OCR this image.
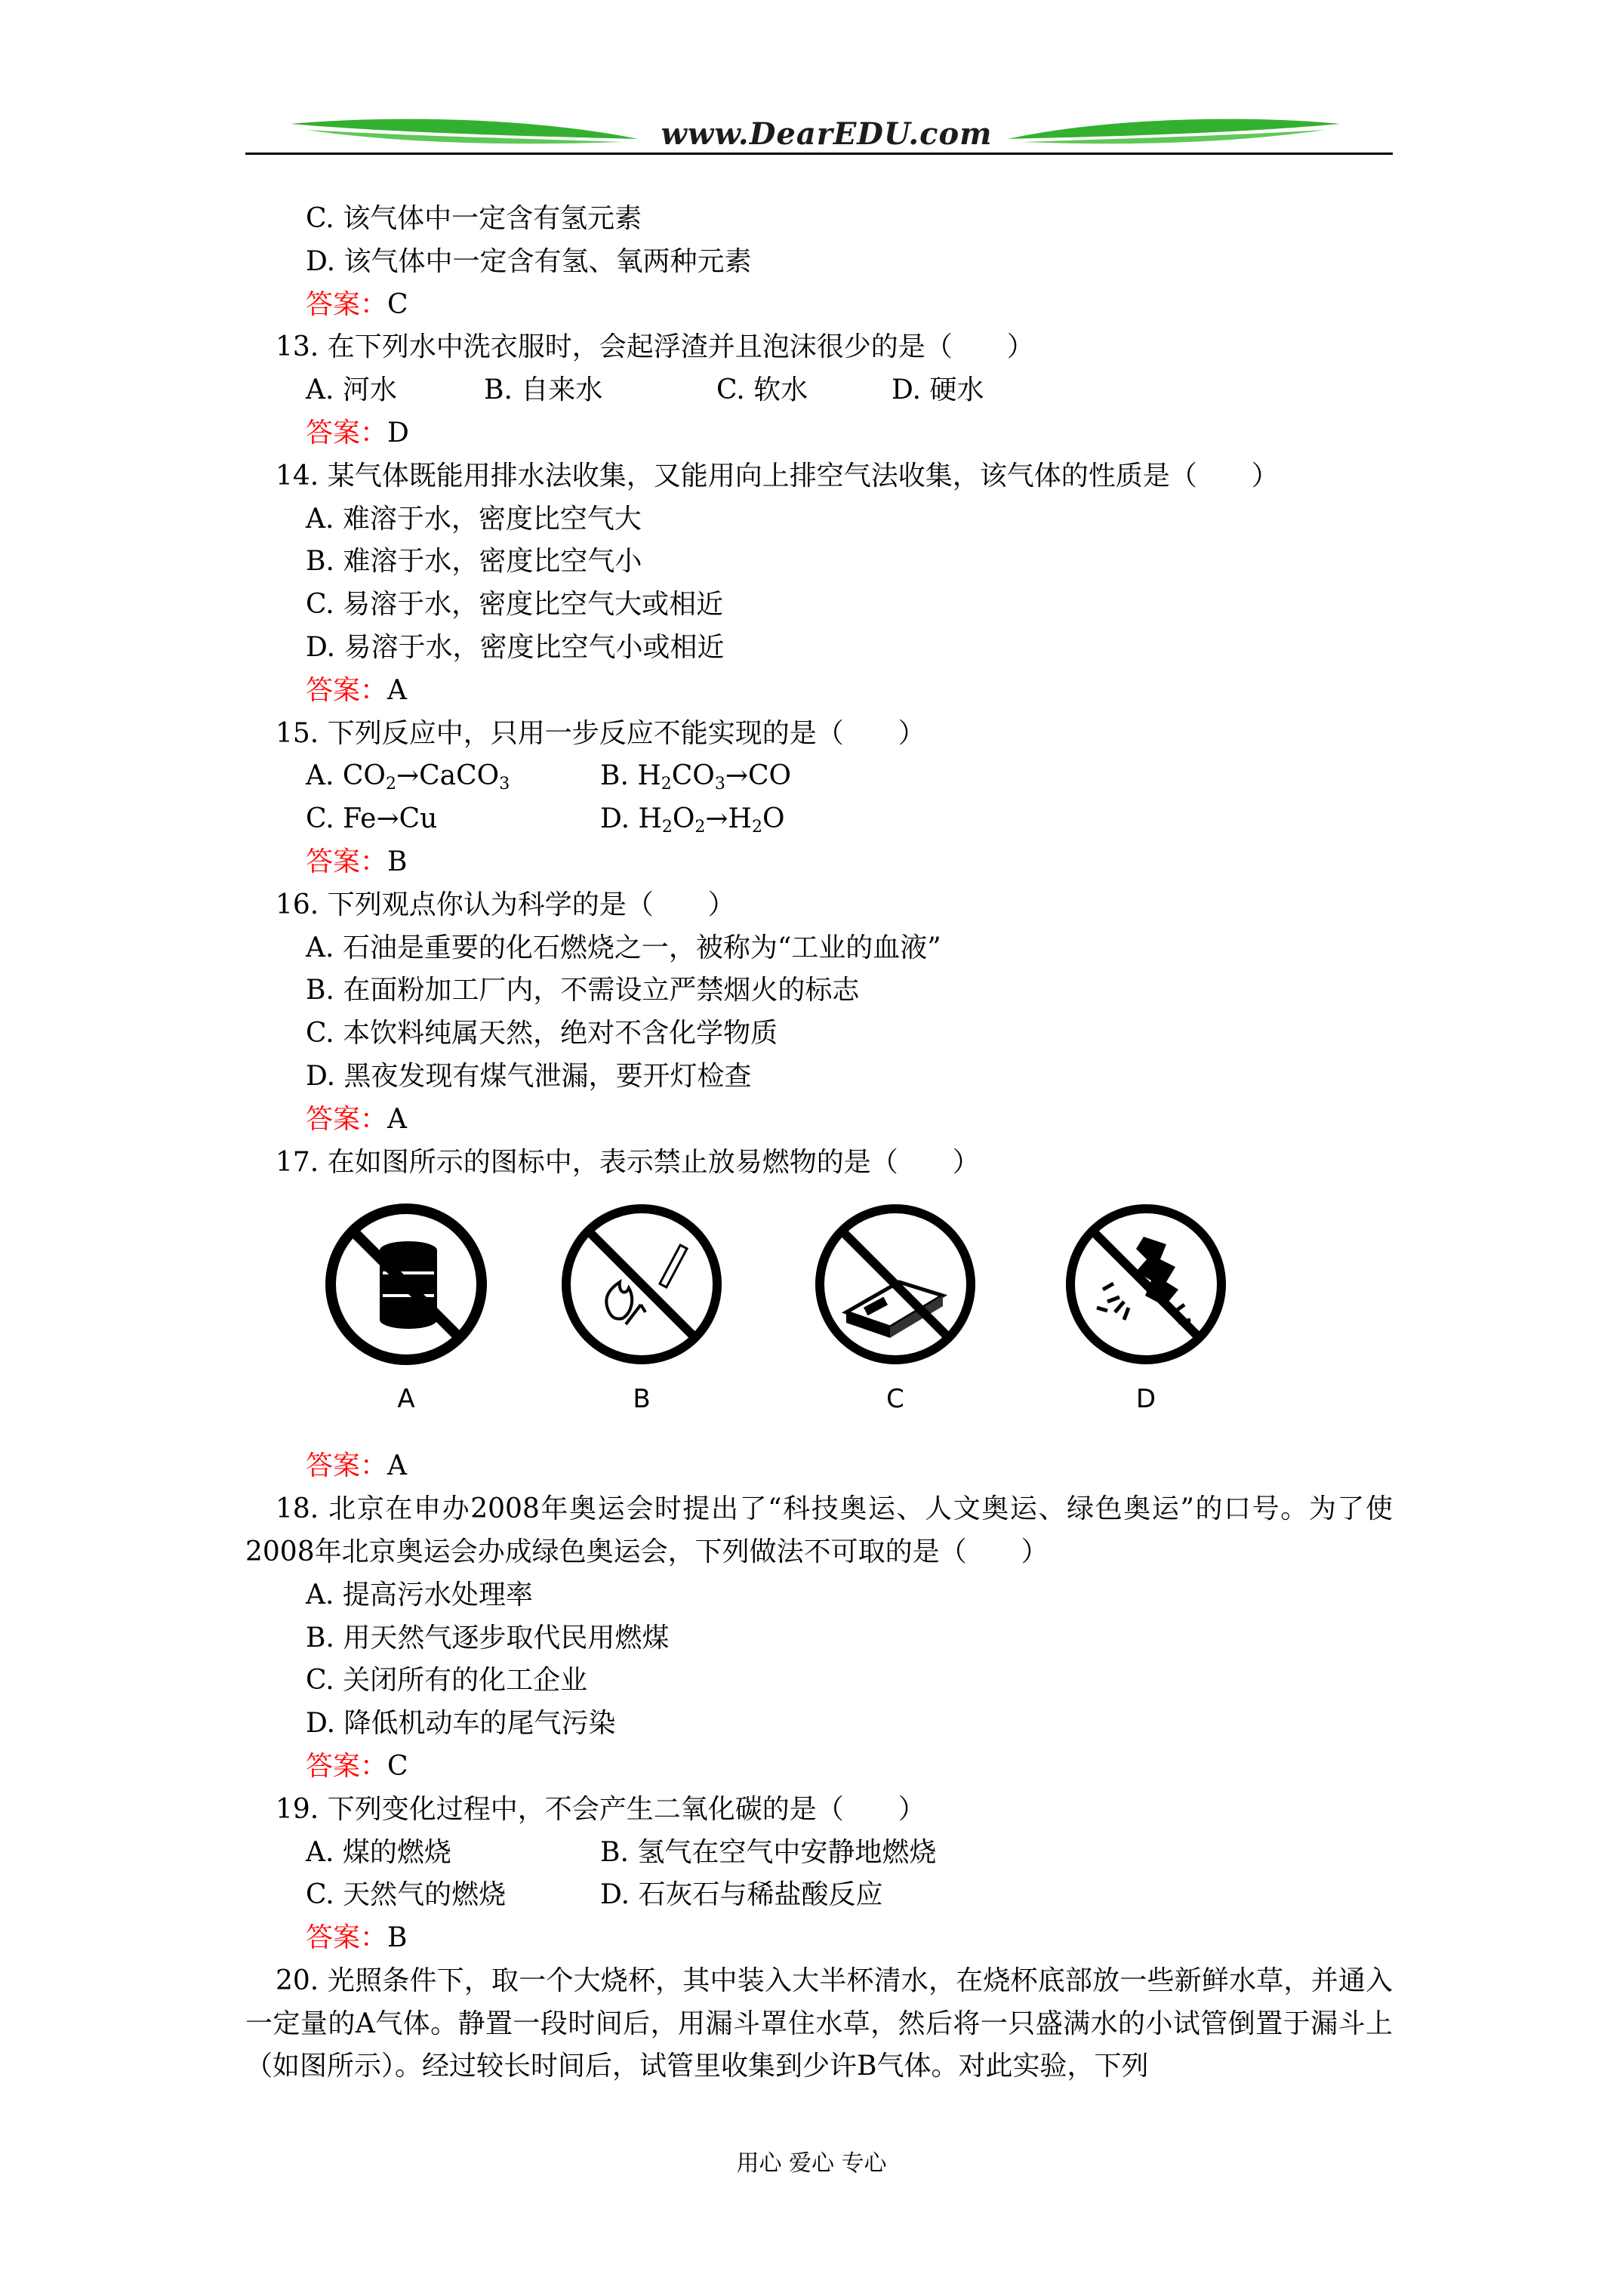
www.DearEDU.com
C. 该气体中一定含有氢元素
D. 该气体中一定含有氢、氧两种元素
答案：C
13. 在下列水中洗衣服时，会起浮渣并且泡沫很少的是（　　）
A. 河水	B. 自来水	C. 软水	D. 硬水
答案：D
14. 某气体既能用排水法收集，又能用向上排空气法收集，该气体的性质是（　　）
A. 难溶于水，密度比空气大
B. 难溶于水，密度比空气小
C. 易溶于水，密度比空气大或相近
D. 易溶于水，密度比空气小或相近
答案：A
15. 下列反应中，只用一步反应不能实现的是（　　）
A. $CO_2\to CaCO_3$	B. $H_2CO_3\to CO$
C. Fe→Cu	D. $H_2O_2\to H_2O$
答案：B
16. 下列观点你认为科学的是（　　）
A. 石油是重要的化石燃烧之一，被称为“工业的血液”
B. 在面粉加工厂内，不需设立严禁烟火的标志
C. 本饮料纯属天然，绝对不含化学物质
D. 黑夜发现有煤气泄漏，要开灯检查
答案：A
17. 在如图所示的图标中，表示禁止放易燃物的是（　　）
A	B	C	D
答案：A
18. 北京在申办2008年奥运会时提出了“科技奥运、人文奥运、绿色奥运”的口号。为了使2008年北京奥运会办成绿色奥运会，下列做法不可取的是（　　）
A. 提高污水处理率
B. 用天然气逐步取代民用燃煤
C. 关闭所有的化工企业
D. 降低机动车的尾气污染
答案：C
19. 下列变化过程中，不会产生二氧化碳的是（　　）
A. 煤的燃烧	B. 氢气在空气中安静地燃烧
C. 天然气的燃烧	D. 石灰石与稀盐酸反应
答案：B
20. 光照条件下，取一个大烧杯，其中装入大半杯清水，在烧杯底部放一些新鲜水草，并通入一定量的A气体。静置一段时间后，用漏斗罩住水草，然后将一只盛满水的小试管倒置于漏斗上（如图所示）。经过较长时间后，试管里收集到少许B气体。对此实验，下列
用心 爱心 专心
